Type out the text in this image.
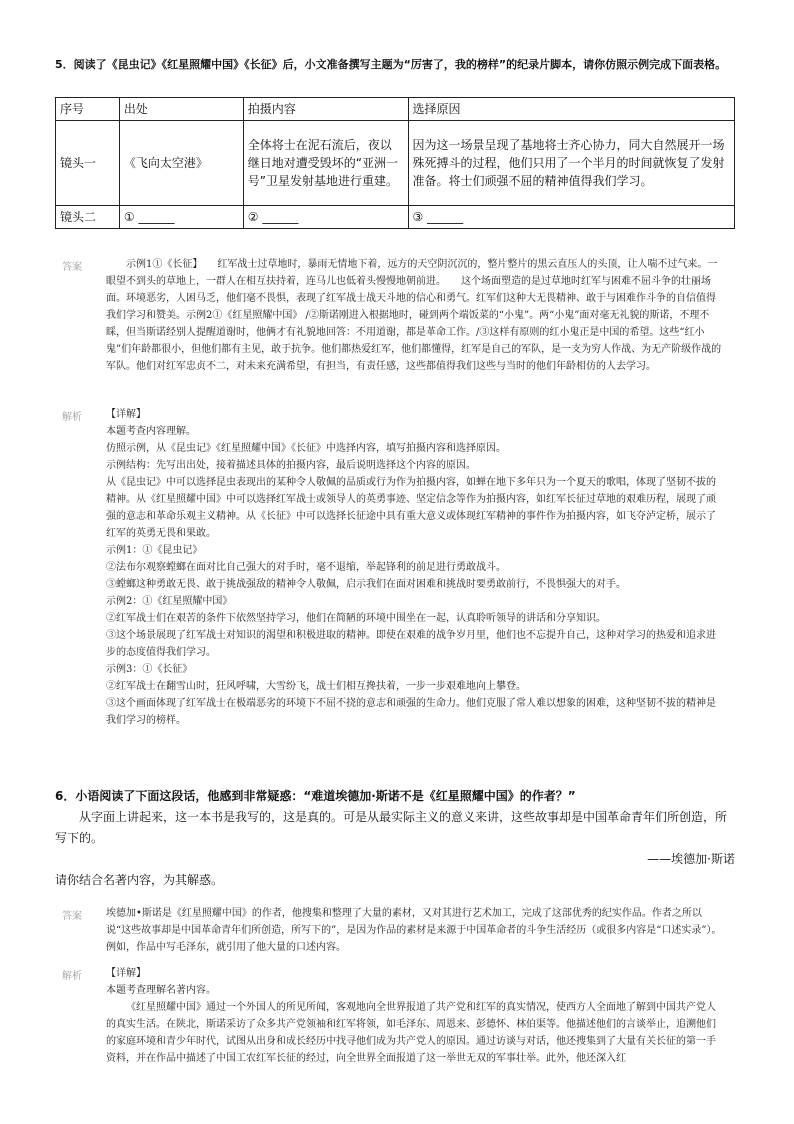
5．阅读了《昆虫记》《红星照耀中国》《长征》后，小文准备撰写主题为“厉害了，我的榜样”的纪录片脚本，请你仿照示例完成下面表格。
序号	出处	拍摄内容	选择原因
镜头一	《飞向太空港》	全体将士在泥石流后，夜以继日地对遭受毁坏的“亚洲一号”卫星发射基地进行重建。	因为这一场景呈现了基地将士齐心协力，同大自然展开一场殊死搏斗的过程，他们只用了一个半月的时间就恢复了发射准备。将士们顽强不屈的精神值得我们学习。
镜头二	① ______	② ______	③ ______
答案	示例1①《长征】　　红军战士过草地时，暴雨无情地下着，远方的天空阴沉沉的，整片整片的黑云直压人的头顶，让人喘不过气来。一眼望不到头的草地上，一群人在相互扶持着，连马儿也低着头慢慢地朝前进。　　这个场面塑造的是过草地时红军与困难不屈斗争的壮丽场面。环境恶劣，人困马乏，他们毫不畏惧，表现了红军战士战天斗地的信心和勇气。红军们这种大无畏精神、敢于与困难作斗争的自信值得我们学习和赞美。示例2①《红星照耀中国》 /②斯诺刚进入根据地时，碰到两个端饭菜的“小鬼”。两“小鬼”面对毫无礼貌的斯诺，不理不睬，但当斯诺经别人提醒道谢时，他俩才有礼貌地回答：不用道谢，都是革命工作。/③这样有原则的红小鬼正是中国的希望。这些“红小鬼”们年龄都很小，但他们都有主见，敢于抗争。他们都热爱红军，他们都懂得，红军是自己的军队，是一支为穷人作战、为无产阶级作战的军队。他们对红军忠贞不二，对未来充满希望，有担当，有责任感，这些都值得我们这些与当时的他们年龄相仿的人去学习。

解析 【详解】

本题考查内容理解。

仿照示例，从《昆虫记》《红星照耀中国》《长征》中选择内容，填写拍摄内容和选择原因。

示例结构：先写出出处，接着描述具体的拍摄内容，最后说明选择这个内容的原因。

从《昆虫记》中可以选择昆虫表现出的某种令人敬佩的品质或行为作为拍摄内容，如蝉在地下多年只为一个夏天的歌唱，体现了坚韧不拔的精神。从《红星照耀中国》中可以选择红军战士或领导人的英勇事迹、坚定信念等作为拍摄内容，如红军长征过草地的艰难历程，展现了顽强的意志和革命乐观主义精神。从《长征》中可以选择长征途中具有重大意义或体现红军精神的事件作为拍摄内容，如飞夺泸定桥，展示了红军的英勇无畏和果敢。

示例1：①《昆虫记》

②法布尔观察螳螂在面对比自己强大的对手时，毫不退缩，举起锋利的前足进行勇敢战斗。

③螳螂这种勇敢无畏、敢于挑战强敌的精神令人敬佩，启示我们在面对困难和挑战时要勇敢前行，不畏惧强大的对手。

示例2：①《红星照耀中国》

②红军战士们在艰苦的条件下依然坚持学习，他们在简陋的环境中围坐在一起，认真聆听领导的讲话和分享知识。

③这个场景展现了红军战士对知识的渴望和积极进取的精神。即使在艰难的战争岁月里，他们也不忘提升自己，这种对学习的热爱和追求进步的态度值得我们学习。

示例3：①《长征》

②红军战士在翻雪山时，狂风呼啸，大雪纷飞，战士们相互搀扶着，一步一步艰难地向上攀登。

③这个画面体现了红军战士在极端恶劣的环境下不屈不挠的意志和顽强的生命力。他们克服了常人难以想象的困难，这种坚韧不拔的精神是我们学习的榜样。

6．小语阅读了下面这段话，他感到非常疑惑：“难道埃德加·斯诺不是《红星照耀中国》的作者？”

从字面上讲起来，这一本书是我写的，这是真的。可是从最实际主义的意义来讲，这些故事却是中国革命青年们所创造，所写下的。

——埃德加·斯诺

请你结合名著内容，为其解惑。

答案 埃德加•斯诺是《红星照耀中国》的作者，他搜集和整理了大量的素材，又对其进行艺术加工，完成了这部优秀的纪实作品。作者之所以说“这些故事却是中国革命青年们所创造，所写下的”，是因为作品的素材是来源于中国革命者的斗争生活经历（或很多内容是“口述实录”）。例如，作品中写毛泽东，就引用了他大量的口述内容。

解析 【详解】

本题考查理解名著内容。

《红星照耀中国》通过一个外国人的所见所闻，客观地向全世界报道了共产党和红军的真实情况，使西方人全面地了解到中国共产党人的真实生活。在陕北，斯诺采访了众多共产党领袖和红军将领，如毛泽东、周恩来、彭德怀、林伯渠等。他描述他们的言谈举止，追溯他们的家庭环境和青少年时代，试图从出身和成长经历中找寻他们成为共产党人的原因。通过访谈与对话，他还搜集到了大量有关长征的第一手资料，并在作品中描述了中国工农红军长征的经过，向全世界全面报道了这一举世无双的军事壮举。此外，他还深入红
